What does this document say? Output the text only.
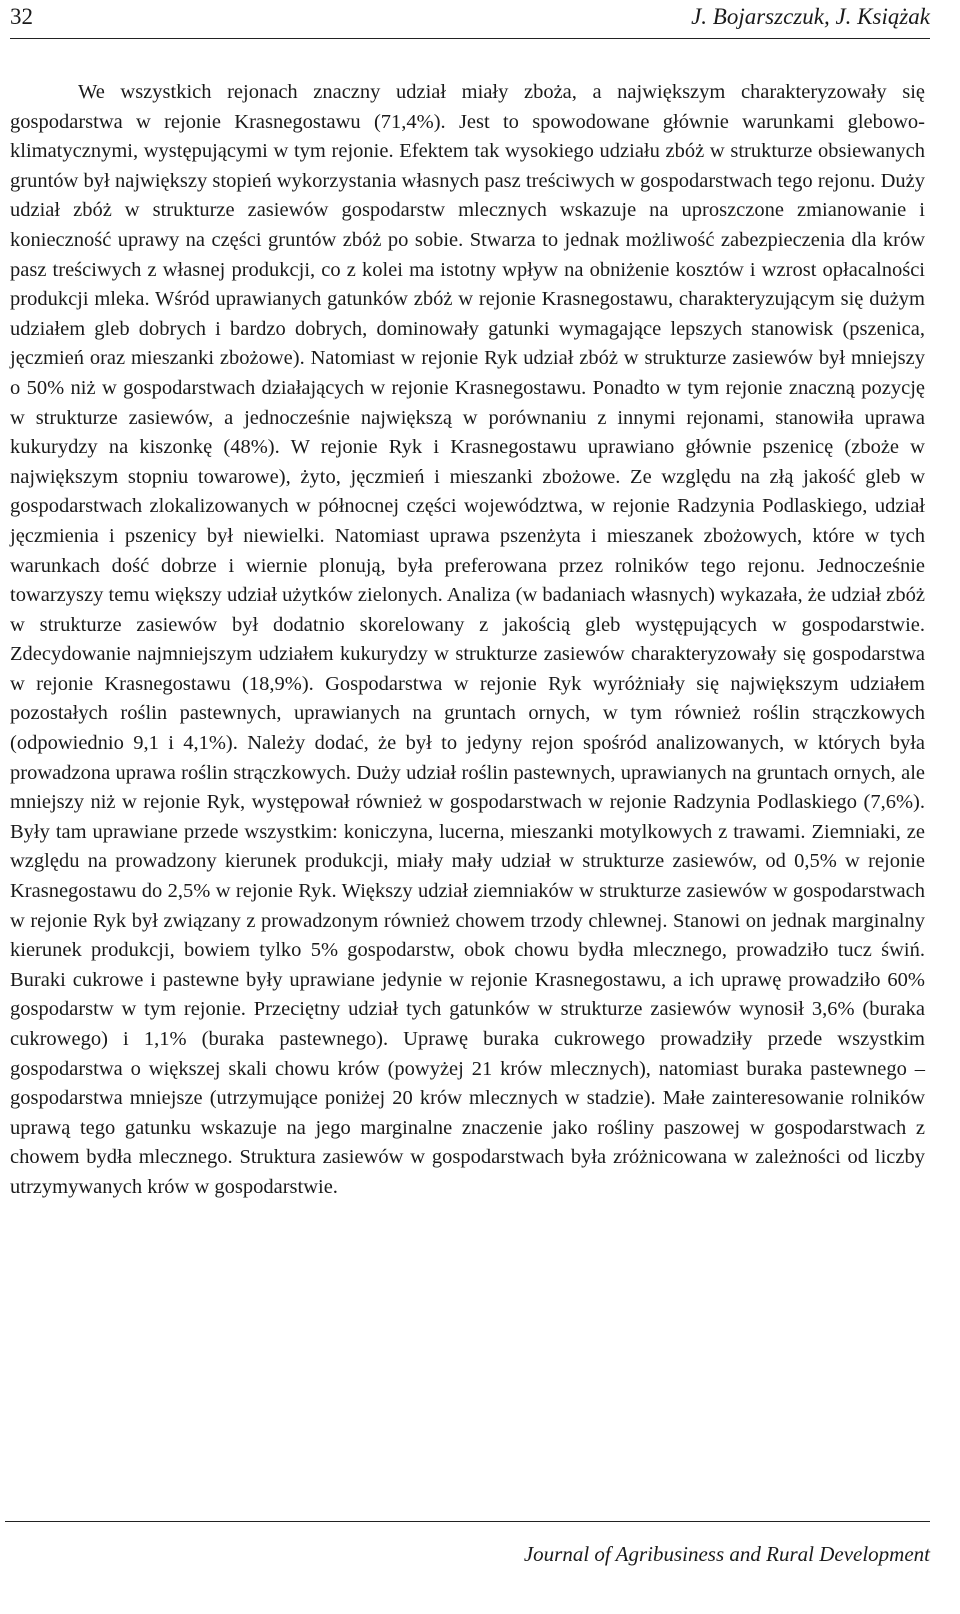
32	J. Bojarszczuk, J. Książak

We wszystkich rejonach znaczny udział miały zboża, a największym charakteryzowały się gospodarstwa w rejonie Krasnegostawu (71,4%). Jest to spowodowane głównie warunkami glebowo-klimatycznymi, występującymi w tym rejonie. Efektem tak wysokiego udziału zbóż w strukturze obsiewanych gruntów był największy stopień wykorzystania własnych pasz treściwych w gospodarstwach tego rejonu. Duży udział zbóż w strukturze zasiewów gospodarstw mlecznych wskazuje na uproszczone zmianowanie i konieczność uprawy na części gruntów zbóż po sobie. Stwarza to jednak możliwość zabezpieczenia dla krów pasz treściwych z własnej produkcji, co z kolei ma istotny wpływ na obniżenie kosztów i wzrost opłacalności produkcji mleka. Wśród uprawianych gatunków zbóż w rejonie Krasnegostawu, charakteryzującym się dużym udziałem gleb dobrych i bardzo dobrych, dominowały gatunki wymagające lepszych stanowisk (pszenica, jęczmień oraz mieszanki zbożowe). Natomiast w rejonie Ryk udział zbóż w strukturze zasiewów był mniejszy o 50% niż w gospodarstwach działających w rejonie Krasnegostawu. Ponadto w tym rejonie znaczną pozycję w strukturze zasiewów, a jednocześnie największą w porównaniu z innymi rejonami, stanowiła uprawa kukurydzy na kiszonkę (48%). W rejonie Ryk i Krasnegostawu uprawiano głównie pszenicę (zboże w największym stopniu towarowe), żyto, jęczmień i mieszanki zbożowe. Ze względu na złą jakość gleb w gospodarstwach zlokalizowanych w północnej części województwa, w rejonie Radzynia Podlaskiego, udział jęczmienia i pszenicy był niewielki. Natomiast uprawa pszenżyta i mieszanek zbożowych, które w tych warunkach dość dobrze i wiernie plonują, była preferowana przez rolników tego rejonu. Jednocześnie towarzyszy temu większy udział użytków zielonych. Analiza (w badaniach własnych) wykazała, że udział zbóż w strukturze zasiewów był dodatnio skorelowany z jakością gleb występujących w gospodarstwie. Zdecydowanie najmniejszym udziałem kukurydzy w strukturze zasiewów charakteryzowały się gospodarstwa w rejonie Krasnegostawu (18,9%). Gospodarstwa w rejonie Ryk wyróżniały się największym udziałem pozostałych roślin pastewnych, uprawianych na gruntach ornych, w tym również roślin strączkowych (odpowiednio 9,1 i 4,1%). Należy dodać, że był to jedyny rejon spośród analizowanych, w których była prowadzona uprawa roślin strączkowych. Duży udział roślin pastewnych, uprawianych na gruntach ornych, ale mniejszy niż w rejonie Ryk, występował również w gospodarstwach w rejonie Radzynia Podlaskiego (7,6%). Były tam uprawiane przede wszystkim: koniczyna, lucerna, mieszanki motylkowych z trawami. Ziemniaki, ze względu na prowadzony kierunek produkcji, miały mały udział w strukturze zasiewów, od 0,5% w rejonie Krasnegostawu do 2,5% w rejonie Ryk. Większy udział ziemniaków w strukturze zasiewów w gospodarstwach w rejonie Ryk był związany z prowadzonym również chowem trzody chlewnej. Stanowi on jednak marginalny kierunek produkcji, bowiem tylko 5% gospodarstw, obok chowu bydła mlecznego, prowadziło tucz świń. Buraki cukrowe i pastewne były uprawiane jedynie w rejonie Krasnegostawu, a ich uprawę prowadziło 60% gospodarstw w tym rejonie. Przeciętny udział tych gatunków w strukturze zasiewów wynosił 3,6% (buraka cukrowego) i 1,1% (buraka pastewnego). Uprawę buraka cukrowego prowadziły przede wszystkim gospodarstwa o większej skali chowu krów (powyżej 21 krów mlecznych), natomiast buraka pastewnego – gospodarstwa mniejsze (utrzymujące poniżej 20 krów mlecznych w stadzie). Małe zainteresowanie rolników uprawą tego gatunku wskazuje na jego marginalne znaczenie jako rośliny paszowej w gospodarstwach z chowem bydła mlecznego. Struktura zasiewów w gospodarstwach była zróżnicowana w zależności od liczby utrzymywanych krów w gospodarstwie.

Journal of Agribusiness and Rural Development
